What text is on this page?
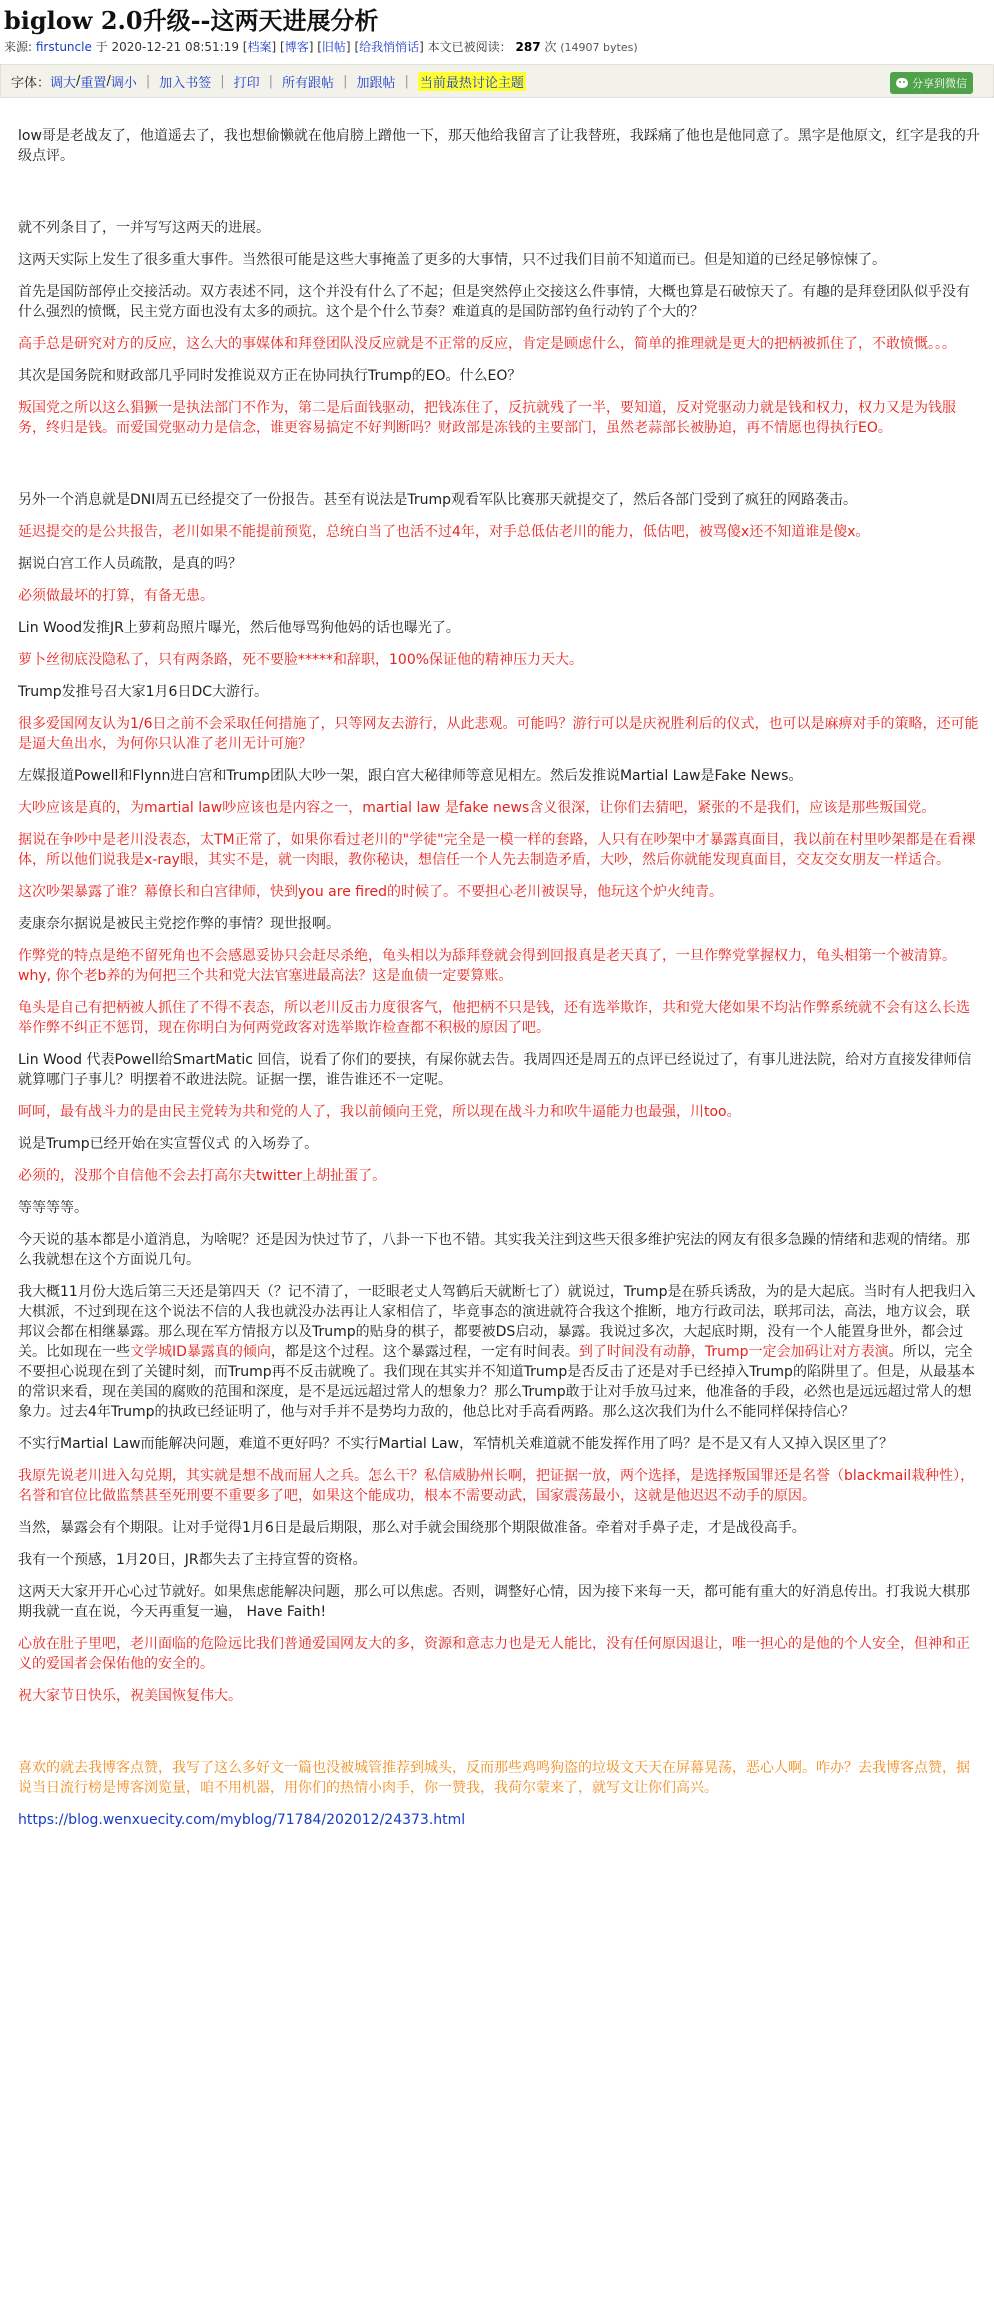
biglow 2.0升级--这两天进展分析
来源: firstuncle 于 2020-12-21 08:51:19 [档案] [博客] [旧帖] [给我悄悄话] 本文已被阅读： 287 次 (14907 bytes)
字体： 调大 / 重置 / 调小 | 加入书签 | 打印 | 所有跟帖 | 加跟帖 | 当前最热讨论主题	分享到微信

low哥是老战友了，他道遥去了，我也想偷懒就在他肩膀上蹭他一下，那天他给我留言了让我替班，我踩痛了他也是他同意了。黑字是他原文，红字是我的升级点评。

就不列条目了，一并写写这两天的进展。

这两天实际上发生了很多重大事件。当然很可能是这些大事掩盖了更多的大事情，只不过我们目前不知道而已。但是知道的已经足够惊悚了。

首先是国防部停止交接活动。双方表述不同，这个并没有什么了不起；但是突然停止交接这么件事情，大概也算是石破惊天了。有趣的是拜登团队似乎没有什么强烈的愤慨，民主党方面也没有太多的顽抗。这个是个什么节奏？难道真的是国防部钓鱼行动钓了个大的？

高手总是研究对方的反应，这么大的事媒体和拜登团队没反应就是不正常的反应，肯定是顾虑什么，简单的推理就是更大的把柄被抓住了，不敢愤慨。。。

其次是国务院和财政部几乎同时发推说双方正在协同执行Trump的EO。什么EO？

叛国党之所以这么猖獗一是执法部门不作为，第二是后面钱驱动，把钱冻住了，反抗就残了一半，要知道，反对党驱动力就是钱和权力，权力又是为钱服务，终归是钱。而爱国党驱动力是信念，谁更容易搞定不好判断吗？财政部是冻钱的主要部门，虽然老蒜部长被胁迫，再不情愿也得执行EO。

另外一个消息就是DNI周五已经提交了一份报告。甚至有说法是Trump观看军队比赛那天就提交了，然后各部门受到了疯狂的网路袭击。

延迟提交的是公共报告，老川如果不能提前预览，总统白当了也活不过4年，对手总低估老川的能力，低估吧，被骂傻x还不知道谁是傻x。

据说白宫工作人员疏散，是真的吗？

必须做最坏的打算，有备无患。

Lin Wood发推JR上萝莉岛照片曝光，然后他辱骂狗他妈的话也曝光了。

萝卜丝彻底没隐私了，只有两条路，死不要脸*****和辞职，100%保证他的精神压力天大。

Trump发推号召大家1月6日DC大游行。

很多爱国网友认为1/6日之前不会采取任何措施了，只等网友去游行，从此悲观。可能吗？游行可以是庆祝胜利后的仪式，也可以是麻痹对手的策略，还可能是逼大鱼出水，为何你只认准了老川无计可施？

左媒报道Powell和Flynn进白宫和Trump团队大吵一架，跟白宫大秘律师等意见相左。然后发推说Martial Law是Fake News。

大吵应该是真的，为martial law吵应该也是内容之一，martial law 是fake news含义很深，让你们去猜吧，紧张的不是我们，应该是那些叛国党。

据说在争吵中是老川没表态，太TM正常了，如果你看过老川的"学徒"完全是一模一样的套路，人只有在吵架中才暴露真面目，我以前在村里吵架都是在看裸体，所以他们说我是x-ray眼，其实不是，就一肉眼，教你秘诀，想信任一个人先去制造矛盾，大吵，然后你就能发现真面目，交友交女朋友一样适合。

这次吵架暴露了谁？幕僚长和白宫律师，快到you are fired的时候了。不要担心老川被误导，他玩这个炉火纯青。

麦康奈尔据说是被民主党挖作弊的事情？现世报啊。

作弊党的特点是绝不留死角也不会感恩妥协只会赶尽杀绝，龟头相以为舔拜登就会得到回报真是老天真了，一旦作弊党掌握权力，龟头相第一个被清算。why, 你个老b养的为何把三个共和党大法官塞进最高法？这是血债一定要算账。

龟头是自己有把柄被人抓住了不得不表态，所以老川反击力度很客气，他把柄不只是钱，还有选举欺诈，共和党大佬如果不均沾作弊系统就不会有这么长选举作弊不纠正不惩罚，现在你明白为何两党政客对选举欺诈检查都不积极的原因了吧。

Lin Wood 代表Powell给SmartMatic 回信，说看了你们的要挟，有屎你就去告。我周四还是周五的点评已经说过了，有事儿进法院，给对方直接发律师信就算哪门子事儿？明摆着不敢进法院。证据一摆，谁告谁还不一定呢。

呵呵，最有战斗力的是由民主党转为共和党的人了，我以前倾向王党，所以现在战斗力和吹牛逼能力也最强，川too。

说是Trump已经开始在实宣誓仪式 的入场券了。

必须的，没那个自信他不会去打高尔夫twitter上胡扯蛋了。

等等等等。

今天说的基本都是小道消息，为啥呢？还是因为快过节了，八卦一下也不错。其实我关注到这些天很多维护宪法的网友有很多急躁的情绪和悲观的情绪。那么我就想在这个方面说几句。

我大概11月份大选后第三天还是第四天（？记不清了，一眨眼老丈人驾鹤后天就断七了）就说过，Trump是在骄兵诱敌，为的是大起底。当时有人把我归入大棋派，不过到现在这个说法不信的人我也就没办法再让人家相信了，毕竟事态的演进就符合我这个推断，地方行政司法，联邦司法，高法，地方议会，联邦议会都在相继暴露。那么现在军方情报方以及Trump的贴身的棋子，都要被DS启动，暴露。我说过多次，大起底时期，没有一个人能置身世外，都会过关。比如现在一些文学城ID暴露真的倾向，都是这个过程。这个暴露过程，一定有时间表。到了时间没有动静，Trump一定会加码让对方表演。所以，完全不要担心说现在到了关键时刻，而Trump再不反击就晚了。我们现在其实并不知道Trump是否反击了还是对手已经掉入Trump的陷阱里了。但是，从最基本的常识来看，现在美国的腐败的范围和深度，是不是远远超过常人的想象力？那么Trump敢于让对手放马过来，他准备的手段，必然也是远远超过常人的想象力。过去4年Trump的执政已经证明了，他与对手并不是势均力敌的，他总比对手高看两路。那么这次我们为什么不能同样保持信心？

不实行Martial Law而能解决问题，难道不更好吗？不实行Martial Law，军情机关难道就不能发挥作用了吗？是不是又有人又掉入误区里了？

我原先说老川进入勾兑期，其实就是想不战而屈人之兵。怎么干？私信威胁州长啊，把证据一放，两个选择，是选择叛国罪还是名誉（blackmail栽种性），名誉和官位比做监禁甚至死刑要不重要多了吧，如果这个能成功，根本不需要动武，国家震荡最小，这就是他迟迟不动手的原因。

当然，暴露会有个期限。让对手觉得1月6日是最后期限，那么对手就会围绕那个期限做准备。牵着对手鼻子走，才是战役高手。

我有一个预感，1月20日，JR都失去了主持宣誓的资格。

这两天大家开开心心过节就好。如果焦虑能解决问题，那么可以焦虑。否则，调整好心情，因为接下来每一天，都可能有重大的好消息传出。打我说大棋那期我就一直在说，今天再重复一遍， Have Faith!

心放在肚子里吧，老川面临的危险远比我们普通爱国网友大的多，资源和意志力也是无人能比，没有任何原因退让，唯一担心的是他的个人安全，但神和正义的爱国者会保佑他的安全的。

祝大家节日快乐，祝美国恢复伟大。

喜欢的就去我博客点赞，我写了这么多好文一篇也没被城管推荐到城头，反而那些鸡鸣狗盗的垃圾文天天在屏幕晃荡，恶心人啊。咋办？去我博客点赞，据说当日流行榜是博客浏览量，咱不用机器，用你们的热情小肉手，你一赞我，我荷尔蒙来了，就写文让你们高兴。

https://blog.wenxuecity.com/myblog/71784/202012/24373.html
